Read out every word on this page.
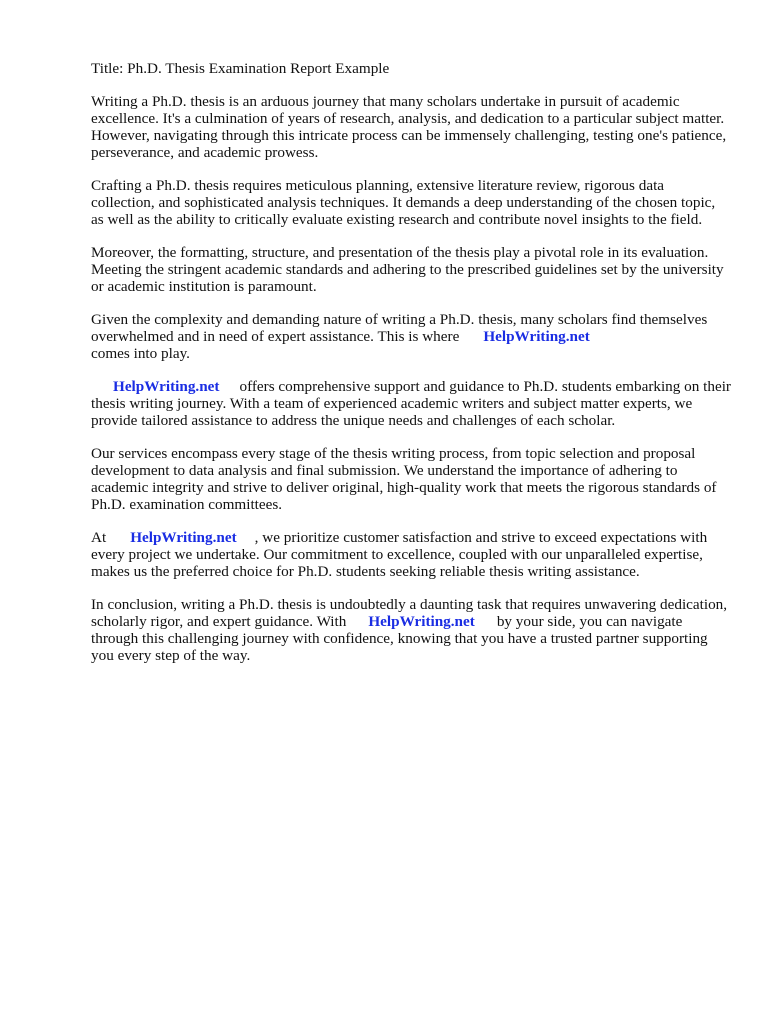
Title: Ph.D. Thesis Examination Report Example

Writing a Ph.D. thesis is an arduous journey that many scholars undertake in pursuit of academic excellence. It's a culmination of years of research, analysis, and dedication to a particular subject matter. However, navigating through this intricate process can be immensely challenging, testing one's patience, perseverance, and academic prowess.

Crafting a Ph.D. thesis requires meticulous planning, extensive literature review, rigorous data collection, and sophisticated analysis techniques. It demands a deep understanding of the chosen topic, as well as the ability to critically evaluate existing research and contribute novel insights to the field.

Moreover, the formatting, structure, and presentation of the thesis play a pivotal role in its evaluation. Meeting the stringent academic standards and adhering to the prescribed guidelines set by the university or academic institution is paramount.

Given the complexity and demanding nature of writing a Ph.D. thesis, many scholars find themselves overwhelmed and in need of expert assistance. This is where HelpWriting.net
comes into play.

HelpWriting.net offers comprehensive support and guidance to Ph.D. students embarking on their thesis writing journey. With a team of experienced academic writers and subject matter experts, we provide tailored assistance to address the unique needs and challenges of each scholar.

Our services encompass every stage of the thesis writing process, from topic selection and proposal development to data analysis and final submission. We understand the importance of adhering to academic integrity and strive to deliver original, high-quality work that meets the rigorous standards of Ph.D. examination committees.

At HelpWriting.net , we prioritize customer satisfaction and strive to exceed expectations with every project we undertake. Our commitment to excellence, coupled with our unparalleled expertise, makes us the preferred choice for Ph.D. students seeking reliable thesis writing assistance.

In conclusion, writing a Ph.D. thesis is undoubtedly a daunting task that requires unwavering dedication, scholarly rigor, and expert guidance. With HelpWriting.net by your side, you can navigate through this challenging journey with confidence, knowing that you have a trusted partner supporting you every step of the way.
